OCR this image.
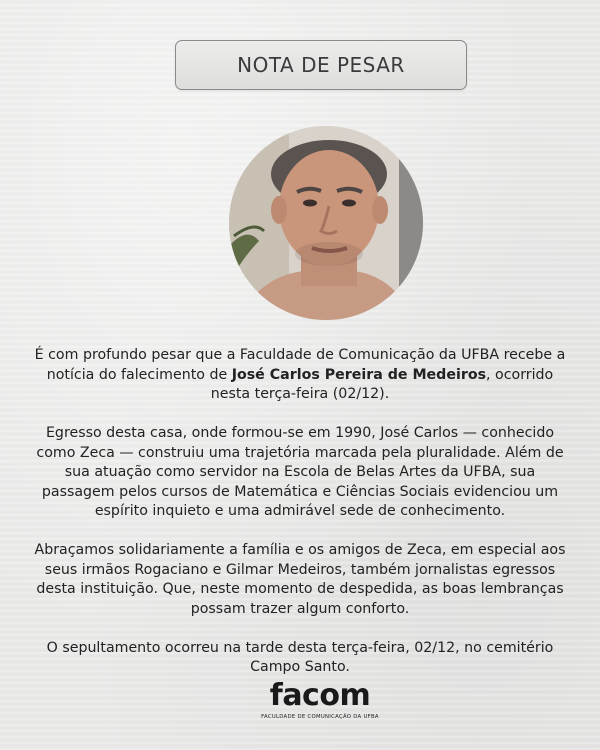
NOTA DE PESAR

É com profundo pesar que a Faculdade de Comunicação da UFBA recebe a notícia do falecimento de José Carlos Pereira de Medeiros, ocorrido nesta terça-feira (02/12).

Egresso desta casa, onde formou-se em 1990, José Carlos — conhecido como Zeca — construiu uma trajetória marcada pela pluralidade. Além de sua atuação como servidor na Escola de Belas Artes da UFBA, sua passagem pelos cursos de Matemática e Ciências Sociais evidenciou um espírito inquieto e uma admirável sede de conhecimento.

Abraçamos solidariamente a família e os amigos de Zeca, em especial aos seus irmãos Rogaciano e Gilmar Medeiros, também jornalistas egressos desta instituição. Que, neste momento de despedida, as boas lembranças possam trazer algum conforto.

O sepultamento ocorreu na tarde desta terça-feira, 02/12, no cemitério Campo Santo.

facom
FACULDADE DE COMUNICAÇÃO DA UFBA
